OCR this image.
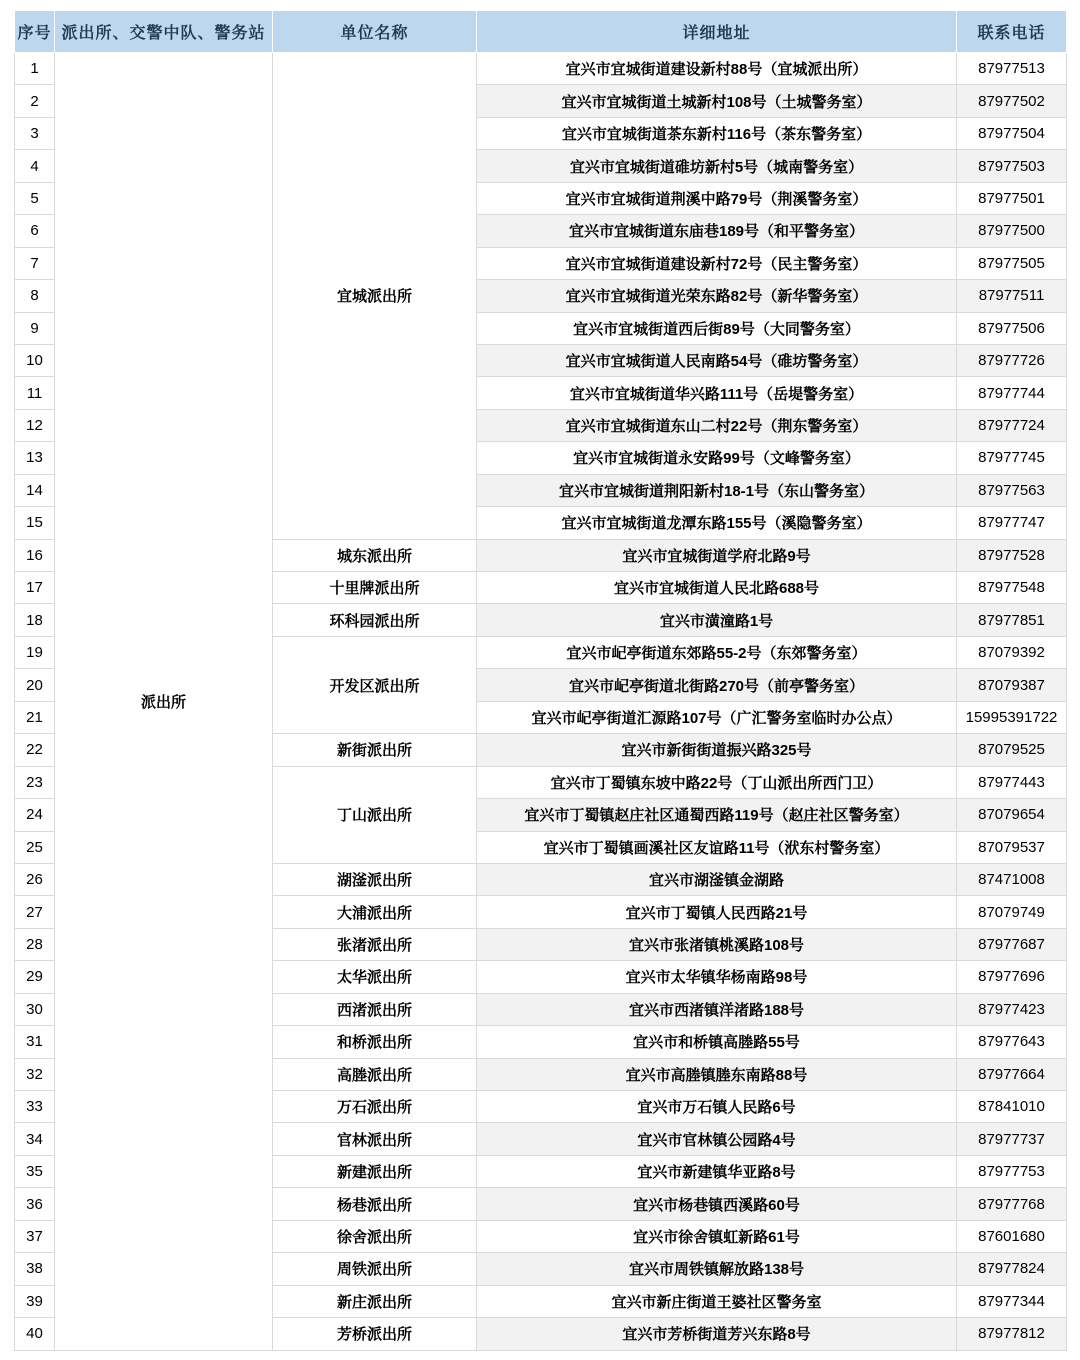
序号	派出所、交警中队、警务站	单位名称	详细地址	联系电话
1	派出所	宜城派出所	宜兴市宜城街道建设新村88号（宜城派出所）	87977513
2			宜兴市宜城街道土城新村108号（土城警务室）	87977502
3			宜兴市宜城街道茶东新村116号（茶东警务室）	87977504
4			宜兴市宜城街道碓坊新村5号（城南警务室）	87977503
5			宜兴市宜城街道荆溪中路79号（荆溪警务室）	87977501
6			宜兴市宜城街道东庙巷189号（和平警务室）	87977500
7			宜兴市宜城街道建设新村72号（民主警务室）	87977505
8			宜兴市宜城街道光荣东路82号（新华警务室）	87977511
9			宜兴市宜城街道西后街89号（大同警务室）	87977506
10			宜兴市宜城街道人民南路54号（碓坊警务室）	87977726
11			宜兴市宜城街道华兴路111号（岳堤警务室）	87977744
12			宜兴市宜城街道东山二村22号（荆东警务室）	87977724
13			宜兴市宜城街道永安路99号（文峰警务室）	87977745
14			宜兴市宜城街道荆阳新村18-1号（东山警务室）	87977563
15			宜兴市宜城街道龙潭东路155号（溪隐警务室）	87977747
16		城东派出所	宜兴市宜城街道学府北路9号	87977528
17		十里牌派出所	宜兴市宜城街道人民北路688号	87977548
18		环科园派出所	宜兴市潢潼路1号	87977851
19		开发区派出所	宜兴市屺亭街道东郊路55-2号（东郊警务室）	87079392
20			宜兴市屺亭街道北街路270号（前亭警务室）	87079387
21			宜兴市屺亭街道汇源路107号（广汇警务室临时办公点）	15995391722
22		新街派出所	宜兴市新街街道振兴路325号	87079525
23		丁山派出所	宜兴市丁蜀镇东坡中路22号（丁山派出所西门卫）	87977443
24			宜兴市丁蜀镇赵庄社区通蜀西路119号（赵庄社区警务室）	87079654
25			宜兴市丁蜀镇画溪社区友谊路11号（洑东村警务室）	87079537
26		湖滏派出所	宜兴市湖滏镇金湖路	87471008
27		大浦派出所	宜兴市丁蜀镇人民西路21号	87079749
28		张渚派出所	宜兴市张渚镇桃溪路108号	87977687
29		太华派出所	宜兴市太华镇华杨南路98号	87977696
30		西渚派出所	宜兴市西渚镇洋渚路188号	87977423
31		和桥派出所	宜兴市和桥镇高塍路55号	87977643
32		高塍派出所	宜兴市高塍镇塍东南路88号	87977664
33		万石派出所	宜兴市万石镇人民路6号	87841010
34		官林派出所	宜兴市官林镇公园路4号	87977737
35		新建派出所	宜兴市新建镇华亚路8号	87977753
36		杨巷派出所	宜兴市杨巷镇西溪路60号	87977768
37		徐舍派出所	宜兴市徐舍镇虹新路61号	87601680
38		周铁派出所	宜兴市周铁镇解放路138号	87977824
39		新庄派出所	宜兴市新庄街道王婆社区警务室	87977344
40		芳桥派出所	宜兴市芳桥街道芳兴东路8号	87977812
